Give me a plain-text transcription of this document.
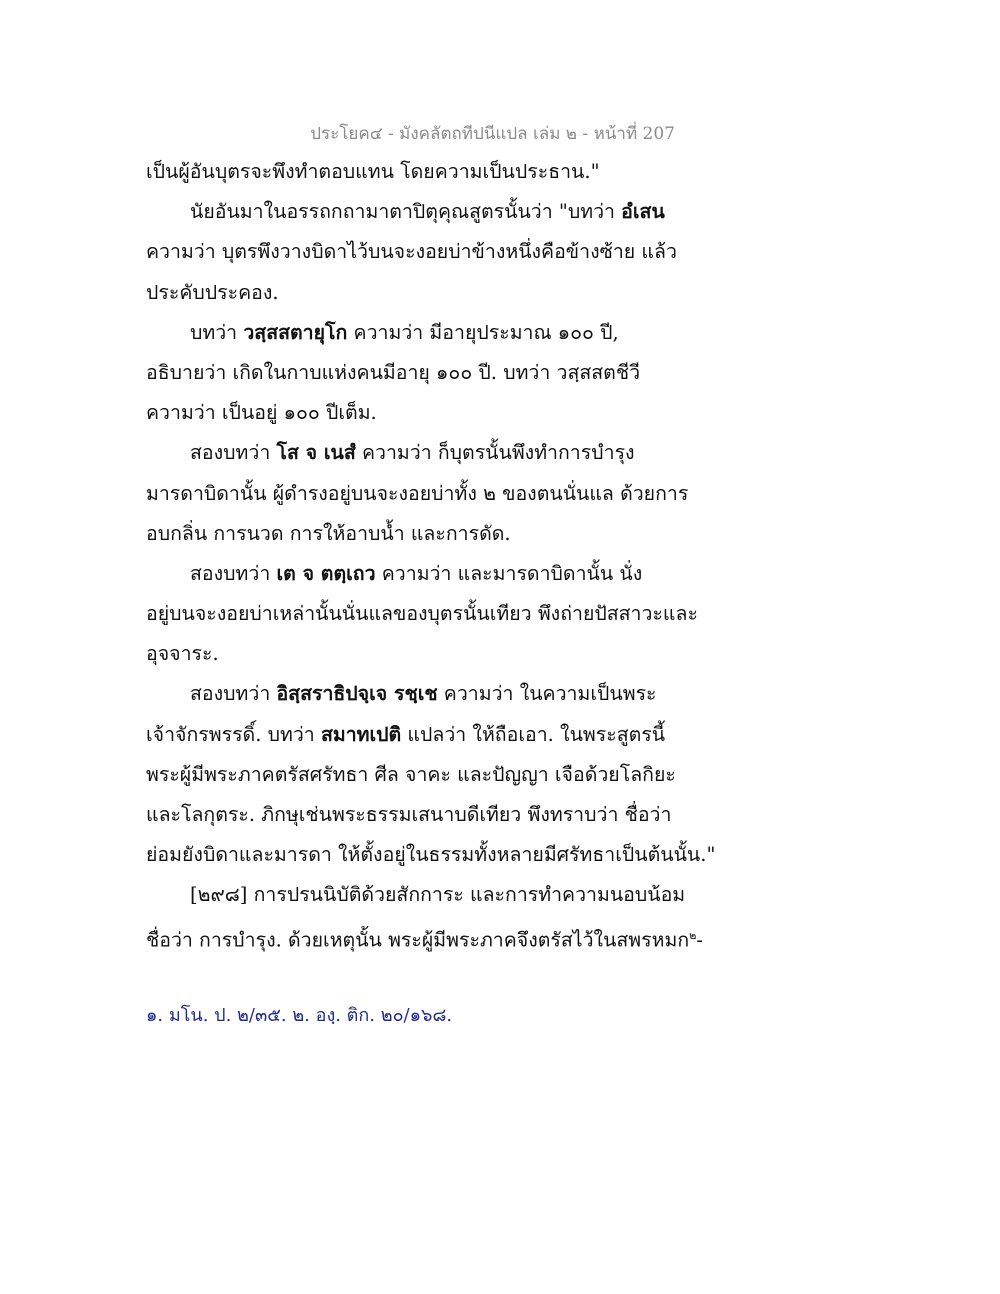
ประโยค๔ - มังคลัตถทีปนีแปล เล่ม ๒ - หน้าที่ 207
เป็นผู้อันบุตรจะพึงทำตอบแทน โดยความเป็นประธาน."
นัยอันมาในอรรถกถามาตาปิตุคุณสูตรนั้นว่า "บทว่า อํเสน
ความว่า บุตรพึงวางบิดาไว้บนจะงอยบ่าข้างหนึ่งคือข้างซ้าย แล้ว
ประคับประคอง.
บทว่า วสฺสสตายุโก ความว่า มีอายุประมาณ ๑๐๐ ปี,
อธิบายว่า เกิดในกาบแห่งคนมีอายุ ๑๐๐ ปี. บทว่า วสฺสสตชีวี
ความว่า เป็นอยู่ ๑๐๐ ปีเต็ม.
สองบทว่า โส จ เนสํ ความว่า ก็บุตรนั้นพึงทำการบำรุง
มารดาบิดานั้น ผู้ดำรงอยู่บนจะงอยบ่าทั้ง ๒ ของตนนั่นแล ด้วยการ
อบกลิ่น การนวด การให้อาบน้ำ และการดัด.
สองบทว่า เต จ ตตฺเถว ความว่า และมารดาบิดานั้น นั่ง
อยู่บนจะงอยบ่าเหล่านั้นนั่นแลของบุตรนั้นเทียว พึงถ่ายปัสสาวะและ
อุจจาระ.
สองบทว่า อิสฺสราธิปจฺเจ รชฺเช ความว่า ในความเป็นพระ
เจ้าจักรพรรดิ์. บทว่า สมาทเปติ แปลว่า ให้ถือเอา. ในพระสูตรนี้
พระผู้มีพระภาคตรัสศรัทธา ศีล จาคะ และปัญญา เจือด้วยโลกิยะ
และโลกุตระ. ภิกษุเช่นพระธรรมเสนาบดีเทียว พึงทราบว่า ชื่อว่า
ย่อมยังบิดาและมารดา ให้ตั้งอยู่ในธรรมทั้งหลายมีศรัทธาเป็นต้นนั้น."
[๒๙๘] การปรนนิบัติด้วยสักการะ และการทำความนอบน้อม
ชื่อว่า การบำรุง. ด้วยเหตุนั้น พระผู้มีพระภาคจึงตรัสไว้ในสพรหมก$^๒$-
๑. มโน. ป. ๒/๓๕. ๒. องฺ. ติก. ๒๐/๑๖๘.
